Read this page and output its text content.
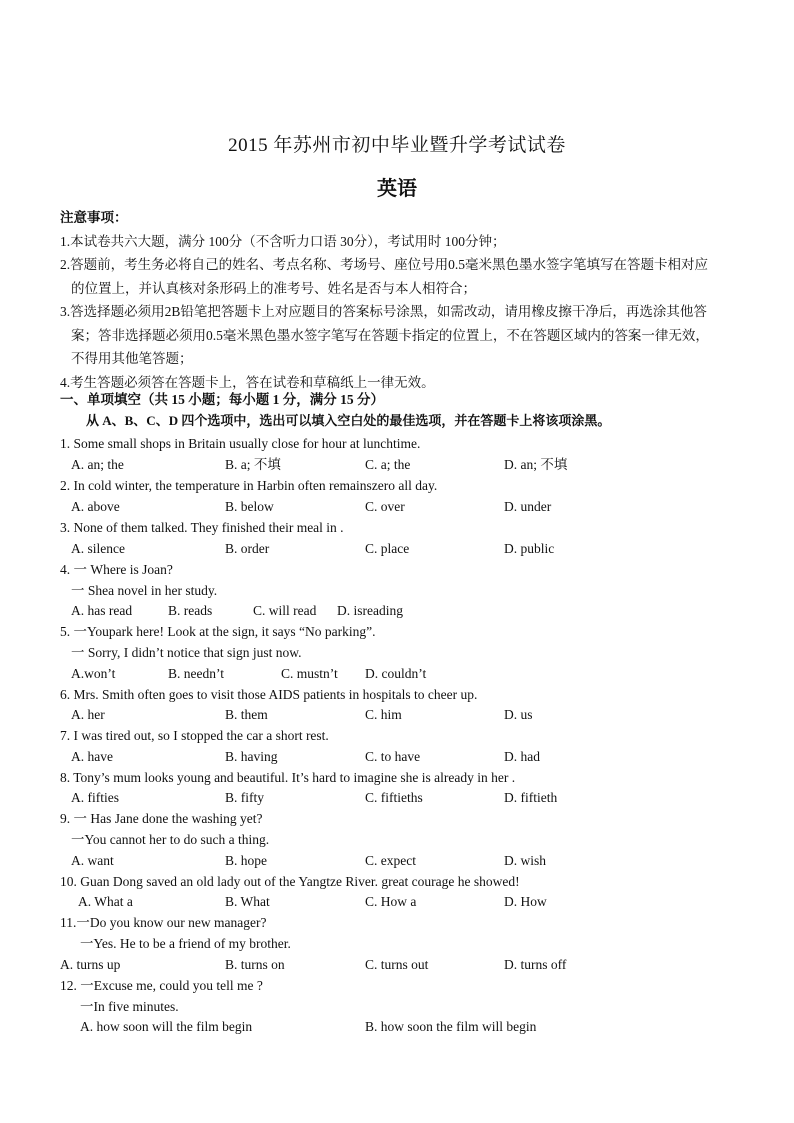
2015 年苏州市初中毕业暨升学考试试卷
英语
注意事项：
1.本试卷共六大题，满分 100分（不含听力口语 30分），考试用时 100分钟；
2.答题前，考生务必将自己的姓名、考点名称、考场号、座位号用0.5毫米黑色墨水签字笔填写在答题卡相对应
的位置上，并认真核对条形码上的准考号、姓名是否与本人相符合；
3.答选择题必须用2B铅笔把答题卡上对应题目的答案标号涂黑，如需改动，请用橡皮擦干净后，再选涂其他答
案；答非选择题必须用0.5毫米黑色墨水签字笔写在答题卡指定的位置上，不在答题区域内的答案一律无效，
不得用其他笔答题；
4.考生答题必须答在答题卡上，答在试卷和草稿纸上一律无效。
一、单项填空（共 15 小题；每小题 1 分，满分 15 分）
从 A、B、C、D 四个选项中，选出可以填入空白处的最佳选项，并在答题卡上将该项涂黑。
1. Some small shops in Britain usually close for hour at lunchtime.
A. an; the	B. a; 不填	C. a; the	D. an; 不填
2. In cold winter, the temperature in Harbin often remainszero all day.
A. above	B. below	C. over	D. under
3. None of them talked. They finished their meal in .
A. silence	B. order	C. place	D. public
4. 一 Where is Joan?
一 Shea novel in her study.
A. has read	B. reads	C. will read D. isreading
5. 一Youpark here! Look at the sign, it says “No parking”.
一 Sorry, I didn’t notice that sign just now.
A.won’t	B. needn’t	C. mustn’t D. couldn’t
6. Mrs. Smith often goes to visit those AIDS patients in hospitals to cheer up.
A. her	B. them	C. him	D. us
7. I was tired out, so I stopped the car a short rest.
A. have	B. having	C. to have	D. had
8. Tony’s mum looks young and beautiful. It’s hard to imagine she is already in her .
A. fifties	B. fifty	C. fiftieths	D. fiftieth
9. 一 Has Jane done the washing yet?
一You cannot her to do such a thing.
A. want	B. hope	C. expect	D. wish
10. Guan Dong saved an old lady out of the Yangtze River. great courage he showed!
A. What a	B. What	C. How a	D. How
11.一Do you know our new manager?
一Yes. He to be a friend of my brother.
A. turns up	B. turns on	C. turns out	D. turns off
12. 一Excuse me, could you tell me ?
一In five minutes.
A. how soon will the film begin	B. how soon the film will begin
